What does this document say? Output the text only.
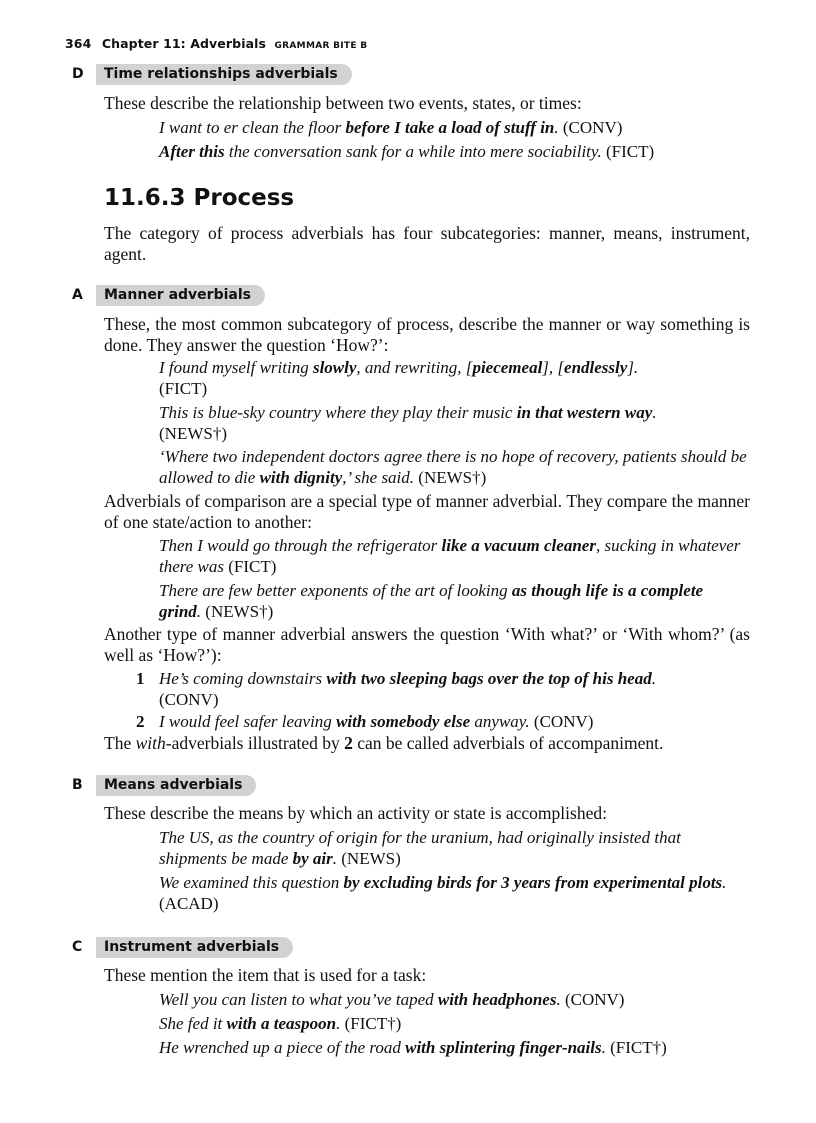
364 Chapter 11: Adverbials GRAMMAR BITE B
D	Time relationships adverbials
These describe the relationship between two events, states, or times:
I want to er clean the floor before I take a load of stuff in. (CONV)
After this the conversation sank for a while into mere sociability. (FICT)
11.6.3 Process
The category of process adverbials has four subcategories: manner, means, instrument, agent.
A	Manner adverbials
These, the most common subcategory of process, describe the manner or way something is done. They answer the question ‘How?’:
I found myself writing slowly, and rewriting, [piecemeal], [endlessly].
(FICT)
This is blue-sky country where they play their music in that western way.
(NEWS†)
‘Where two independent doctors agree there is no hope of recovery, patients should be allowed to die with dignity,’ she said. (NEWS†)
Adverbials of comparison are a special type of manner adverbial. They compare the manner of one state/action to another:
Then I would go through the refrigerator like a vacuum cleaner, sucking in whatever there was (FICT)
There are few better exponents of the art of looking as though life is a complete grind. (NEWS†)
Another type of manner adverbial answers the question ‘With what?’ or ‘With whom?’ (as well as ‘How?’):
1 He’s coming downstairs with two sleeping bags over the top of his head.
(CONV)
2 I would feel safer leaving with somebody else anyway. (CONV)
The with-adverbials illustrated by 2 can be called adverbials of accompaniment.
B	Means adverbials
These describe the means by which an activity or state is accomplished:
The US, as the country of origin for the uranium, had originally insisted that shipments be made by air. (NEWS)
We examined this question by excluding birds for 3 years from experimental plots. (ACAD)
C	Instrument adverbials
These mention the item that is used for a task:
Well you can listen to what you’ve taped with headphones. (CONV)
She fed it with a teaspoon. (FICT†)
He wrenched up a piece of the road with splintering finger-nails. (FICT†)
